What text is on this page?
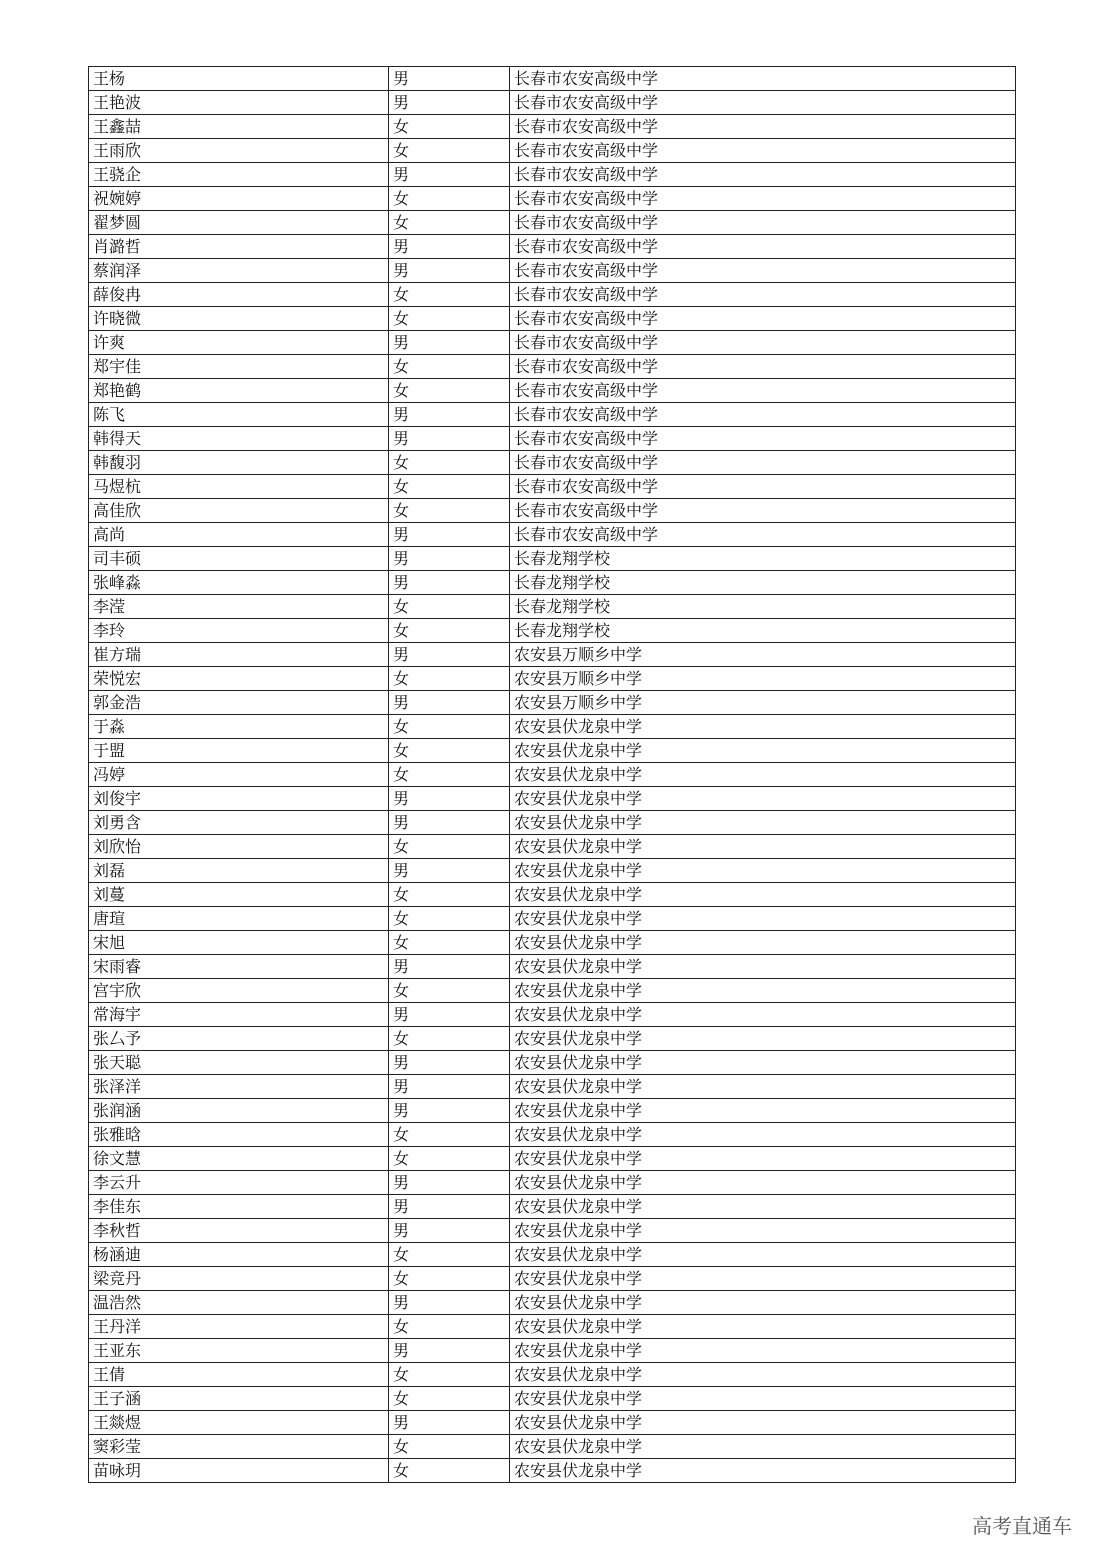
王杨	男	长春市农安高级中学
王艳波	男	长春市农安高级中学
王鑫喆	女	长春市农安高级中学
王雨欣	女	长春市农安高级中学
王骁企	男	长春市农安高级中学
祝婉婷	女	长春市农安高级中学
翟梦圆	女	长春市农安高级中学
肖潞哲	男	长春市农安高级中学
蔡润泽	男	长春市农安高级中学
薛俊冉	女	长春市农安高级中学
许晓微	女	长春市农安高级中学
许爽	男	长春市农安高级中学
郑宇佳	女	长春市农安高级中学
郑艳鹤	女	长春市农安高级中学
陈飞	男	长春市农安高级中学
韩得天	男	长春市农安高级中学
韩馥羽	女	长春市农安高级中学
马煜杭	女	长春市农安高级中学
高佳欣	女	长春市农安高级中学
高尚	男	长春市农安高级中学
司丰硕	男	长春龙翔学校
张峰淼	男	长春龙翔学校
李滢	女	长春龙翔学校
李玲	女	长春龙翔学校
崔方瑞	男	农安县万顺乡中学
荣悦宏	女	农安县万顺乡中学
郭金浩	男	农安县万顺乡中学
于淼	女	农安县伏龙泉中学
于盟	女	农安县伏龙泉中学
冯婷	女	农安县伏龙泉中学
刘俊宇	男	农安县伏龙泉中学
刘勇含	男	农安县伏龙泉中学
刘欣怡	女	农安县伏龙泉中学
刘磊	男	农安县伏龙泉中学
刘蔓	女	农安县伏龙泉中学
唐瑄	女	农安县伏龙泉中学
宋旭	女	农安县伏龙泉中学
宋雨睿	男	农安县伏龙泉中学
宫宇欣	女	农安县伏龙泉中学
常海宇	男	农安县伏龙泉中学
张厶予	女	农安县伏龙泉中学
张天聪	男	农安县伏龙泉中学
张泽洋	男	农安县伏龙泉中学
张润涵	男	农安县伏龙泉中学
张雅晗	女	农安县伏龙泉中学
徐文慧	女	农安县伏龙泉中学
李云升	男	农安县伏龙泉中学
李佳东	男	农安县伏龙泉中学
李秋哲	男	农安县伏龙泉中学
杨涵迪	女	农安县伏龙泉中学
梁竞丹	女	农安县伏龙泉中学
温浩然	男	农安县伏龙泉中学
王丹洋	女	农安县伏龙泉中学
王亚东	男	农安县伏龙泉中学
王倩	女	农安县伏龙泉中学
王子涵	女	农安县伏龙泉中学
王燚煜	男	农安县伏龙泉中学
窦彩莹	女	农安县伏龙泉中学
苗咏玥	女	农安县伏龙泉中学
高考直通车
